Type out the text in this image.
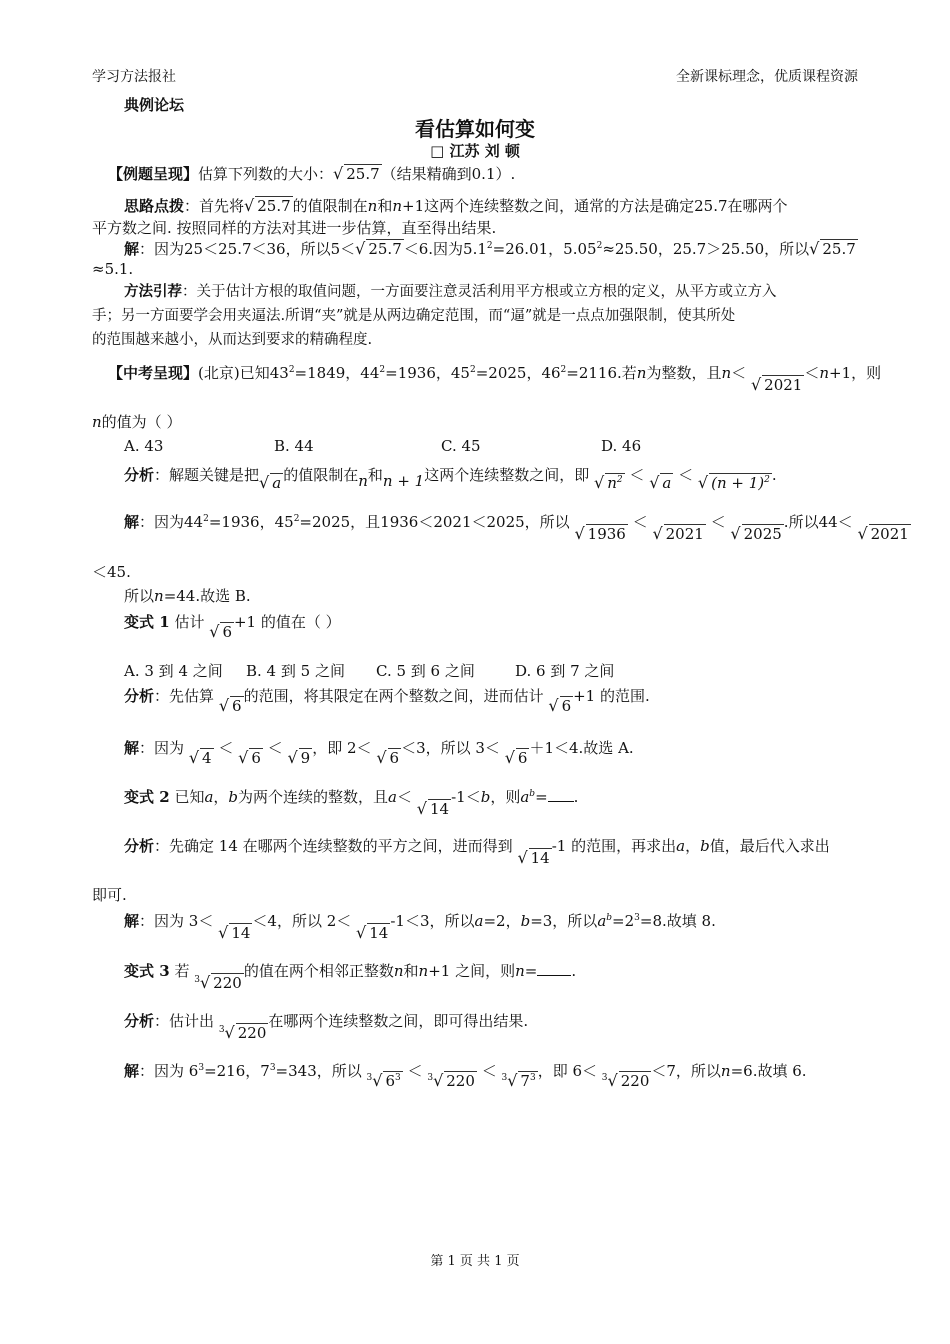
学习方法报社	全新课标理念，优质课程资源
典例论坛
看估算如何变
□ 江苏 刘 顿
【例题呈现】估算下列数的大小：√ 25.7 （结果精确到0.1）.
思路点拨：首先将√ 25.7 的值限制在n和n+1这两个连续整数之间，通常的方法是确定25.7在哪两个
平方数之间. 按照同样的方法对其进一步估算，直至得出结果.
解：因为25＜25.7＜36，所以5＜√ 25.7 ＜6.因为$5.1^2=26.01$，$5.05^2\approx 25.50$，25.7＞25.50，所以√ 25.7
≈5.1.
方法引荐：关于估计方根的取值问题，一方面要注意灵活利用平方根或立方根的定义，从平方或立方入
手；另一方面要学会用夹逼法.所谓“夹”就是从两边确定范围，而“逼”就是一点点加强限制，使其所处
的范围越来越小，从而达到要求的精确程度.
【中考呈现】(北京)已知$43^2=1849$，$44^2=1936$，$45^2=2025$，$46^2=2116$.若n为整数，且n＜ √ 2021＜n+1，则
n的值为（ ）
A. 43	B. 44	C. 45	D. 46
分析：解题关键是把√ a 的值限制在n和n + 1这两个连续整数之间，即 √ $n^2$ ＜ √ a ＜ √ $(n + 1)^2$ .
解：因为$44^2=1936$，$45^2=2025$，且1936＜2021＜2025，所以 √ 1936 ＜ √ 2021 ＜ √ 2025.所以44＜ √ 2021
＜45.
所以n=44.故选 B.
变式 1 估计 √ 6+1 的值在（ ）
A. 3 到 4 之间 B. 4 到 5 之间 C. 5 到 6 之间	D. 6 到 7 之间
分析：先估算 √ 6的范围，将其限定在两个整数之间，进而估计 √ 6+1 的范围.
解：因为 √ 4 ＜ √ 6 ＜ √ 9，即 2＜ √ 6＜3，所以 3＜ √ 6＋1＜4.故选 A.
变式 2 已知a，b为两个连续的整数，且a＜ √ 14-1＜b，则$a^b=$ .
分析：先确定 14 在哪两个连续整数的平方之间，进而得到 √ 14-1 的范围，再求出a，b值，最后代入求出
即可.
解：因为 3＜ √ 14＜4，所以 2＜ √ 14-1＜3，所以a=2，b=3，所以$a^b=2^3=8$.故填 8.
变式 3 若 $^3$√ 220的值在两个相邻正整数n和n+1 之间，则n= .
分析：估计出 $^3$√ 220在哪两个连续整数之间，即可得出结果.
解：因为 $6^3=216$，$7^3=343$，所以 $^3$√ $6^3 < ^3√$ 220 ＜ $^3$√ $7^3$ ，即 6＜ $^3$√ 220＜7，所以n=6.故填 6.
第 1 页 共 1 页
